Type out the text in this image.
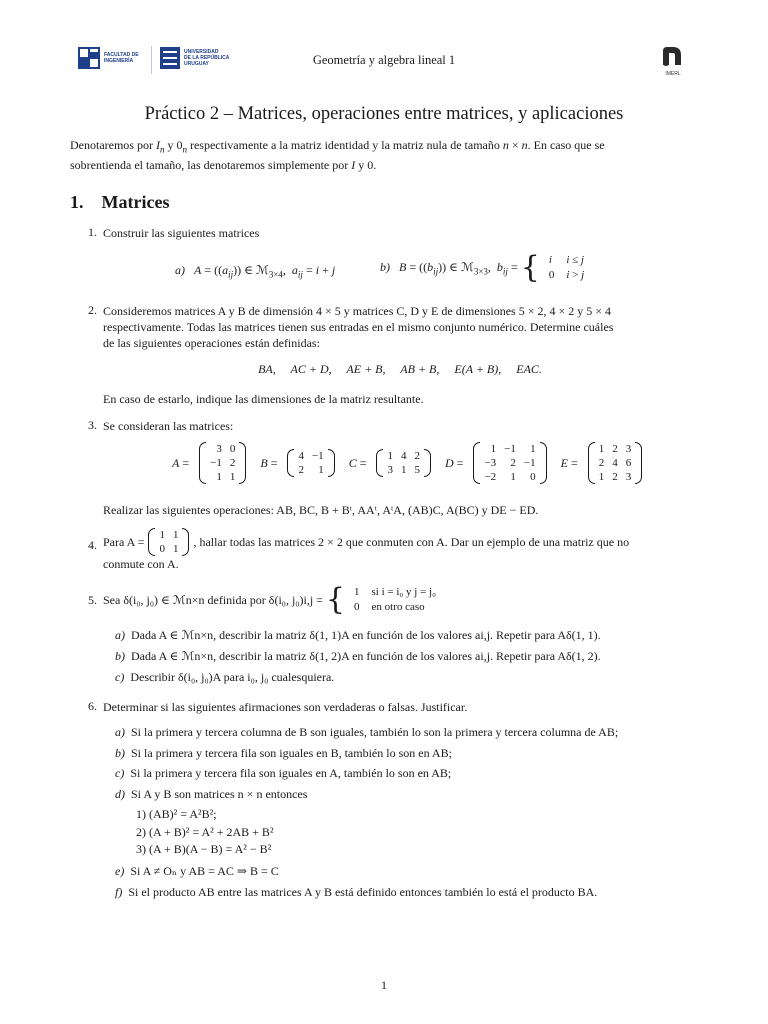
FACULTAD DE
INGENIERÍA
UNIVERSIDAD
DE LA REPÚBLICA
URUGUAY	Geometría y algebra lineal 1
IMERL
Práctico 2 – Matrices, operaciones entre matrices, y aplicaciones
Denotaremos por $I_n$ y $0_n$ respectivamente a la matriz identidad y la matriz nula de tamaño n × n. En caso que se
sobrentienda el tamaño, las denotaremos simplemente por I y 0.
1. Matrices
1. Construir las siguientes matrices
a) $A = ((a_{ij}))$ ∈ ℳ$_{3\times 4}$,  $a_{ij} = i + j$	b) $B = ((b_{ij}))$ ∈ ℳ$_{3\times 3}$,  $b_{ij}$ = { i	i ≤ j
0	i > j
2. Consideremos matrices A y B de dimensión 4 × 5 y matrices C, D y E de dimensiones 5 × 2, 4 × 2 y 5 × 4
respectivamente. Todas las matrices tienen sus entradas en el mismo conjunto numérico. Determine cuáles
de las siguientes operaciones están definidas:
BA,     AC + D,     AE + B,     AB + B,     E(A + B),     EAC.
En caso de estarlo, indique las dimensiones de la matriz resultante.
3. Se consideran las matrices:
A =
3	0
−1	2
1	1
B = 4	−1
2	1
C = 1	4	2
3	1	5
D =
1	−1	1
−3	2	−1
−2	1	0
E =
1	2	3
2	4	6
1	2	3
Realizar las siguientes operaciones: AB, BC, B + Bᵗ, AAᵗ, AᵗA, (AB)C, A(BC) y DE − ED.
4. Para A = 1	1
0	1 , hallar todas las matrices 2 × 2 que conmuten con A. Dar un ejemplo de una matriz que no
conmute con A.
5. Sea δ(i₀, j₀) ∈ ℳn×n definida por δ(i₀, j₀)i,j = { 1	si i = i₀ y j = j₀
0	en otro caso
a) Dada A ∈ ℳn×n, describir la matriz δ(1, 1)A en función de los valores ai,j. Repetir para Aδ(1, 1).
b) Dada A ∈ ℳn×n, describir la matriz δ(1, 2)A en función de los valores ai,j. Repetir para Aδ(1, 2).
c) Describir δ(i₀, j₀)A para i₀, j₀ cualesquiera.
6. Determinar si las siguientes afirmaciones son verdaderas o falsas. Justificar.
a) Si la primera y tercera columna de B son iguales, también lo son la primera y tercera columna de AB;
b) Si la primera y tercera fila son iguales en B, también lo son en AB;
c) Si la primera y tercera fila son iguales en A, también lo son en AB;
d) Si A y B son matrices n × n entonces
1) (AB)² = A²B²;
2) (A + B)² = A² + 2AB + B²
3) (A + B)(A − B) = A² − B²
e) Si A ≠ Oₙ y AB = AC ⇒ B = C
f) Si el producto AB entre las matrices A y B está definido entonces también lo está el producto BA.
1
